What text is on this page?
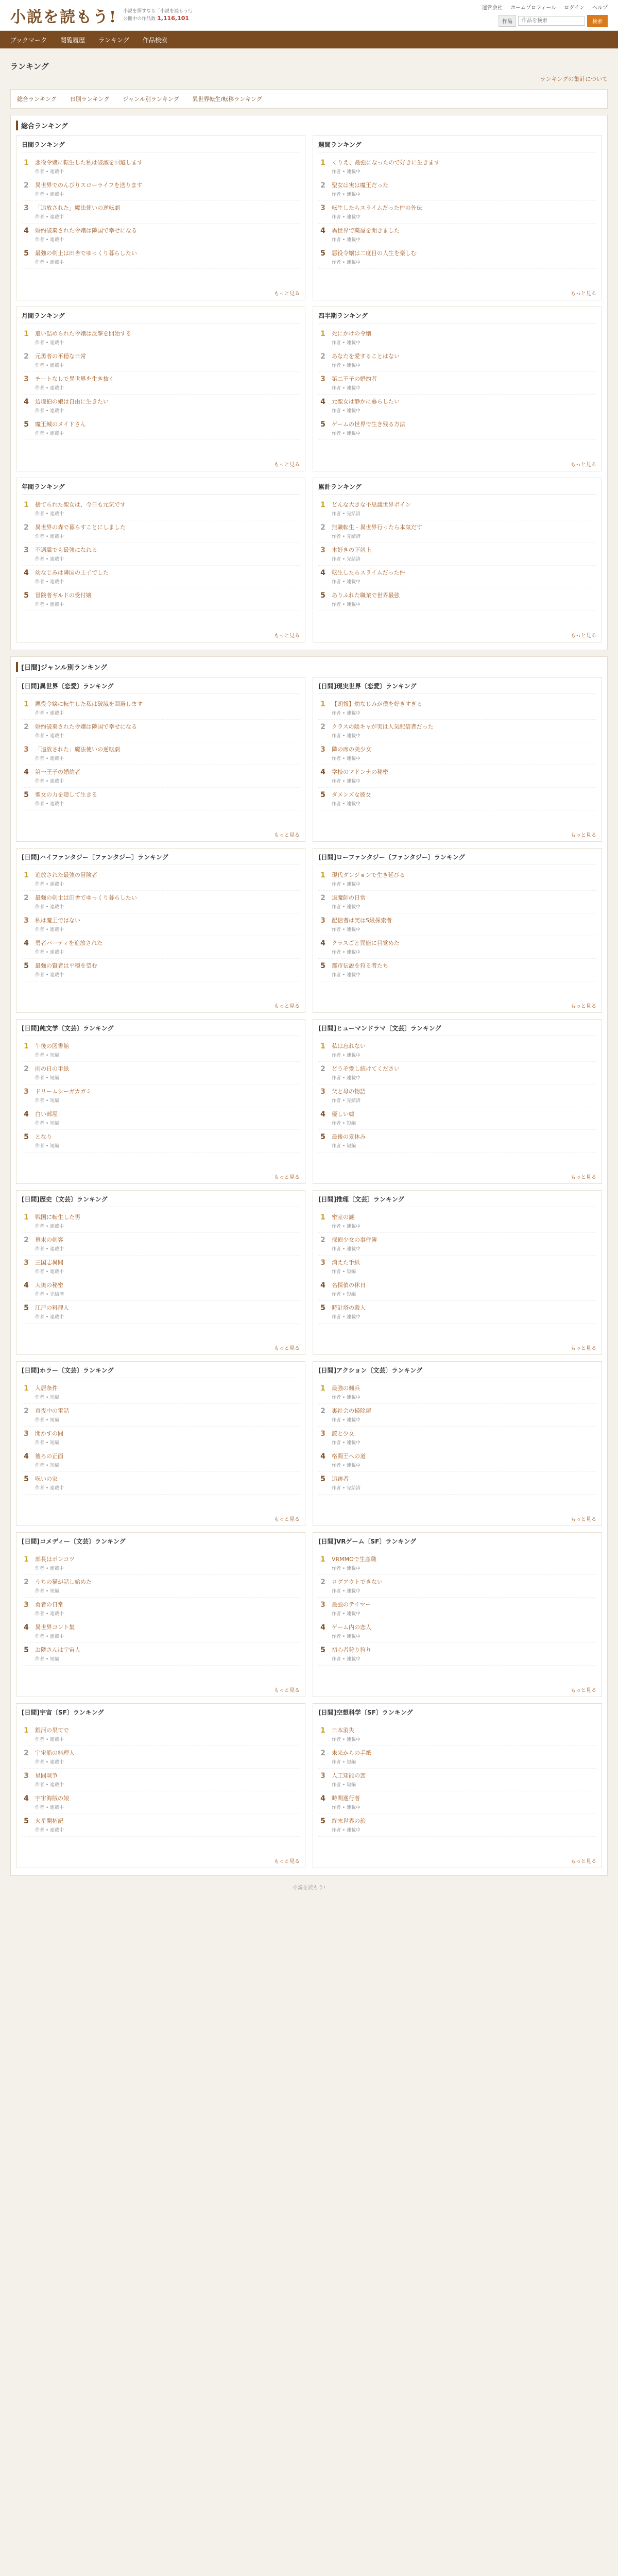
小説を読もう! 小説を探すなら「小説を読もう!」
公開中の作品数 1,116,101
運営会社 ホームプロフィール ログイン ヘルプ
作品
作品を検索	検索
ブックマーク 閲覧履歴 ランキング 作品検索
ランキング
ランキングの集計について
総合ランキング 日別ランキング ジャンル別ランキング 異世界転生/転移ランキング
総合ランキング
日間ランキング
1	悪役令嬢に転生した私は破滅を回避します
作者 • 連載中
2	異世界でのんびりスローライフを送ります
作者 • 連載中
3	「追放された」魔法使いの逆転劇
作者 • 連載中
4	婚約破棄された令嬢は隣国で幸せになる
作者 • 連載中
5	最強の剣士は田舎でゆっくり暮らしたい
作者 • 連載中
もっと見る
週間ランキング
1	くりえ、最強になったので好きに生きます
作者 • 連載中
2	聖女は実は魔王だった
作者 • 連載中
3	転生したらスライムだった件の外伝
作者 • 連載中
4	異世界で薬屋を開きました
作者 • 連載中
5	悪役令嬢は二度目の人生を楽しむ
作者 • 連載中
もっと見る
月間ランキング
1	追い詰められた令嬢は反撃を開始する
作者 • 連載中
2	元勇者の平穏な日常
作者 • 連載中
3	チートなしで異世界を生き抜く
作者 • 連載中
4	辺境伯の娘は自由に生きたい
作者 • 連載中
5	魔王城のメイドさん
作者 • 連載中
もっと見る
四半期ランキング
1	死にかけの令嬢
作者 • 連載中
2	あなたを愛することはない
作者 • 連載中
3	第二王子の婚約者
作者 • 連載中
4	元聖女は静かに暮らしたい
作者 • 連載中
5	ゲームの世界で生き残る方法
作者 • 連載中
もっと見る
年間ランキング
1	捨てられた聖女は、今日も元気です
作者 • 連載中
2	異世界の森で暮らすことにしました
作者 • 連載中
3	不遇職でも最強になれる
作者 • 連載中
4	幼なじみは隣国の王子でした
作者 • 連載中
5	冒険者ギルドの受付嬢
作者 • 連載中
もっと見る
累計ランキング
1	どんな大きな不思議世界ボイン
作者 • 完結済
2	無職転生 - 異世界行ったら本気だす
作者 • 完結済
3	本好きの下剋上
作者 • 完結済
4	転生したらスライムだった件
作者 • 連載中
5	ありふれた職業で世界最強
作者 • 連載中
もっと見る
[日間]ジャンル別ランキング
[日間]異世界〔恋愛〕ランキング
1	悪役令嬢に転生した私は破滅を回避します
作者 • 連載中
2	婚約破棄された令嬢は隣国で幸せになる
作者 • 連載中
3	「追放された」魔法使いの逆転劇
作者 • 連載中
4	第一王子の婚約者
作者 • 連載中
5	聖女の力を隠して生きる
作者 • 連載中
もっと見る
[日間]現実世界〔恋愛〕ランキング
1	【朗報】幼なじみが僕を好きすぎる
作者 • 連載中
2	クラスの陰キャが実は人気配信者だった
作者 • 連載中
3	隣の席の美少女
作者 • 連載中
4	学校のマドンナの秘密
作者 • 連載中
5	ダメンズな彼女
作者 • 連載中
もっと見る
[日間]ハイファンタジー〔ファンタジー〕ランキング
1	追放された最強の冒険者
作者 • 連載中
2	最強の剣士は田舎でゆっくり暮らしたい
作者 • 連載中
3	私は魔王ではない
作者 • 連載中
4	勇者パーティを追放された
作者 • 連載中
5	最強の賢者は平穏を望む
作者 • 連載中
もっと見る
[日間]ローファンタジー〔ファンタジー〕ランキング
1	現代ダンジョンで生き延びる
作者 • 連載中
2	退魔師の日常
作者 • 連載中
3	配信者は実はS級探索者
作者 • 連載中
4	クラスごと異能に目覚めた
作者 • 連載中
5	都市伝説を狩る者たち
作者 • 連載中
もっと見る
[日間]純文学〔文芸〕ランキング
1	午後の図書館
作者 • 短編
2	雨の日の手紙
作者 • 短編
3	ドリームシーガカガミ
作者 • 短編
4	白い部屋
作者 • 短編
5	となり
作者 • 短編
もっと見る
[日間]ヒューマンドラマ〔文芸〕ランキング
1	私は忘れない
作者 • 連載中
2	どうぞ愛し続けてください
作者 • 連載中
3	父と母の物語
作者 • 完結済
4	優しい嘘
作者 • 短編
5	最後の夏休み
作者 • 短編
もっと見る
[日間]歴史〔文芸〕ランキング
1	戦国に転生した男
作者 • 連載中
2	幕末の剣客
作者 • 連載中
3	三国志異聞
作者 • 連載中
4	大奥の秘密
作者 • 完結済
5	江戸の料理人
作者 • 連載中
もっと見る
[日間]推理〔文芸〕ランキング
1	密室の謎
作者 • 連載中
2	探偵少女の事件簿
作者 • 連載中
3	消えた手紙
作者 • 短編
4	名探偵の休日
作者 • 短編
5	時計塔の殺人
作者 • 連載中
もっと見る
[日間]ホラー〔文芸〕ランキング
1	入居条件
作者 • 短編
2	真夜中の電話
作者 • 短編
3	開かずの間
作者 • 短編
4	後ろの正面
作者 • 短編
5	呪いの家
作者 • 連載中
もっと見る
[日間]アクション〔文芸〕ランキング
1	最強の傭兵
作者 • 連載中
2	裏社会の掃除屋
作者 • 連載中
3	銃と少女
作者 • 連載中
4	格闘王への道
作者 • 連載中
5	追跡者
作者 • 完結済
もっと見る
[日間]コメディー〔文芸〕ランキング
1	部長はポンコツ
作者 • 連載中
2	うちの猫が話し始めた
作者 • 短編
3	勇者の日常
作者 • 連載中
4	異世界コント集
作者 • 連載中
5	お隣さんは宇宙人
作者 • 短編
もっと見る
[日間]VRゲーム〔SF〕ランキング
1	VRMMOで生産職
作者 • 連載中
2	ログアウトできない
作者 • 連載中
3	最強のテイマー
作者 • 連載中
4	ゲーム内の恋人
作者 • 連載中
5	初心者狩り狩り
作者 • 連載中
もっと見る
[日間]宇宙〔SF〕ランキング
1	銀河の果てで
作者 • 連載中
2	宇宙船の料理人
作者 • 連載中
3	星間戦争
作者 • 連載中
4	宇宙海賊の娘
作者 • 連載中
5	火星開拓記
作者 • 連載中
もっと見る
[日間]空想科学〔SF〕ランキング
1	日本消失
作者 • 連載中
2	未来からの手紙
作者 • 短編
3	人工知能の恋
作者 • 短編
4	時間遡行者
作者 • 連載中
5	終末世界の旅
作者 • 連載中
もっと見る
小説を読もう!
